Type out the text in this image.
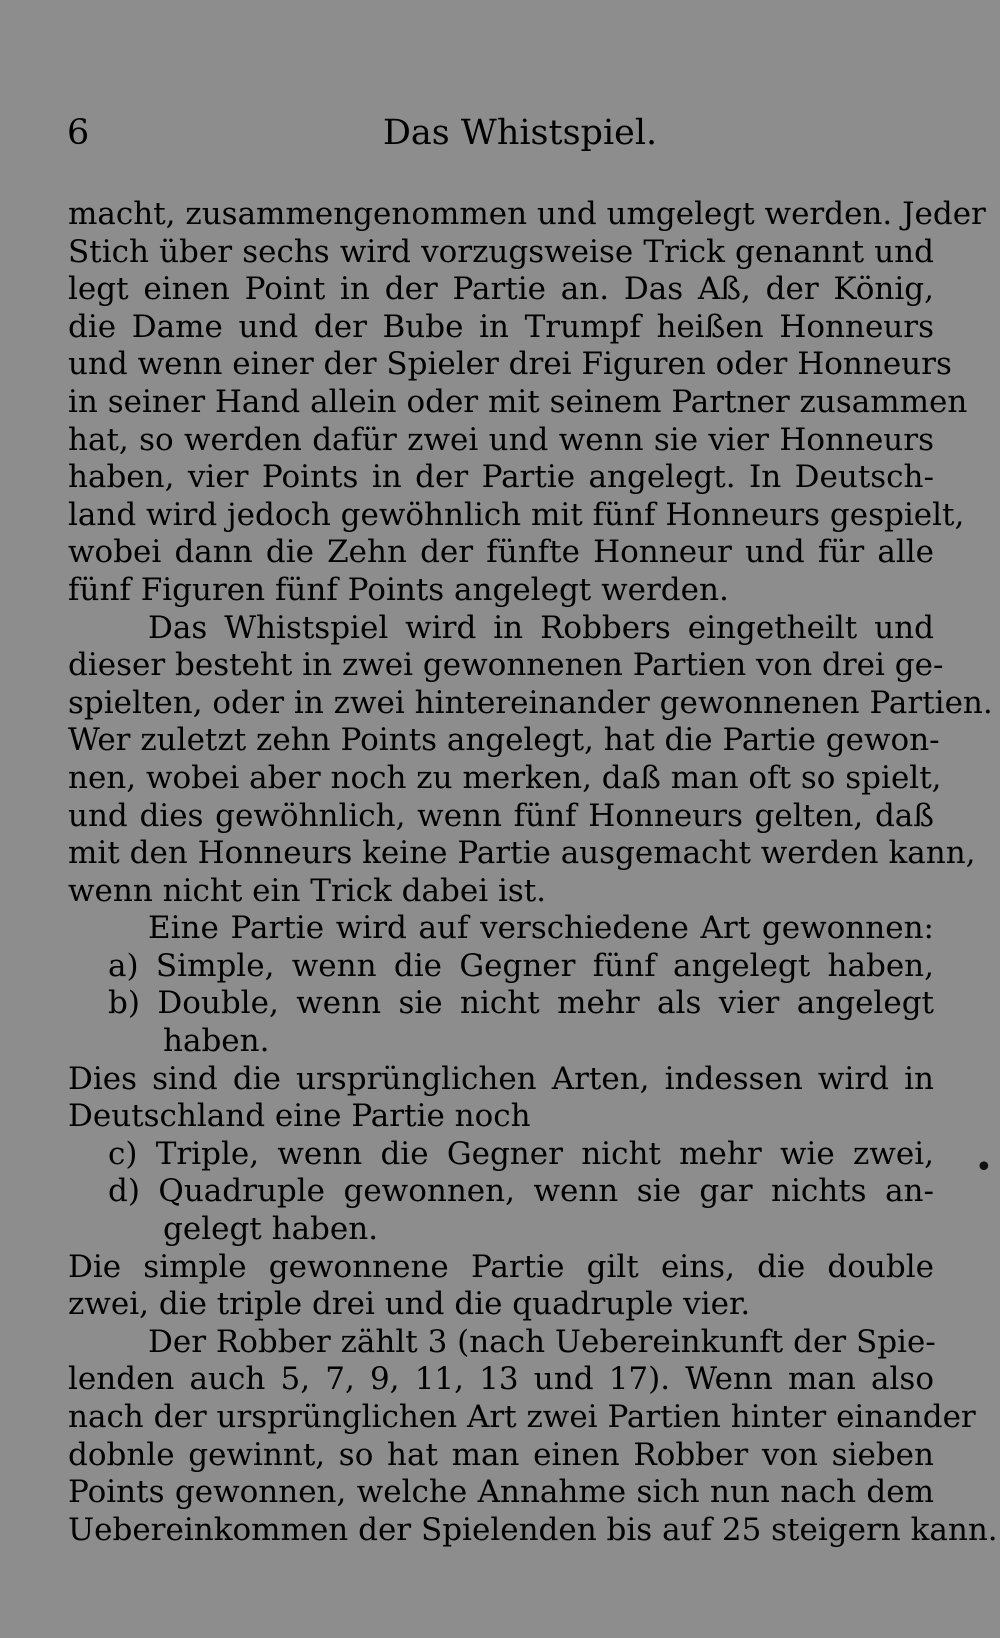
6	Das Whistspiel.
macht, zusammengenommen und umgelegt werden. Jeder
Stich über sechs wird vorzugsweise Trick genannt und
legt einen Point in der Partie an. Das Aß, der König,
die Dame und der Bube in Trumpf heißen Honneurs
und wenn einer der Spieler drei Figuren oder Honneurs
in seiner Hand allein oder mit seinem Partner zusammen
hat, so werden dafür zwei und wenn sie vier Honneurs
haben, vier Points in der Partie angelegt. In Deutsch-
land wird jedoch gewöhnlich mit fünf Honneurs gespielt,
wobei dann die Zehn der fünfte Honneur und für alle
fünf Figuren fünf Points angelegt werden.
Das Whistspiel wird in Robbers eingetheilt und
dieser besteht in zwei gewonnenen Partien von drei ge-
spielten, oder in zwei hintereinander gewonnenen Partien.
Wer zuletzt zehn Points angelegt, hat die Partie gewon-
nen, wobei aber noch zu merken, daß man oft so spielt,
und dies gewöhnlich, wenn fünf Honneurs gelten, daß
mit den Honneurs keine Partie ausgemacht werden kann,
wenn nicht ein Trick dabei ist.
Eine Partie wird auf verschiedene Art gewonnen:
a) Simple, wenn die Gegner fünf angelegt haben,
b) Double, wenn sie nicht mehr als vier angelegt
haben.
Dies sind die ursprünglichen Arten, indessen wird in
Deutschland eine Partie noch
c) Triple, wenn die Gegner nicht mehr wie zwei,
d) Quadruple gewonnen, wenn sie gar nichts an-
gelegt haben.
Die simple gewonnene Partie gilt eins, die double
zwei, die triple drei und die quadruple vier.
Der Robber zählt 3 (nach Uebereinkunft der Spie-
lenden auch 5, 7, 9, 11, 13 und 17). Wenn man also
nach der ursprünglichen Art zwei Partien hinter einander
dobnle gewinnt, so hat man einen Robber von sieben
Points gewonnen, welche Annahme sich nun nach dem
Uebereinkommen der Spielenden bis auf 25 steigern kann.
•
